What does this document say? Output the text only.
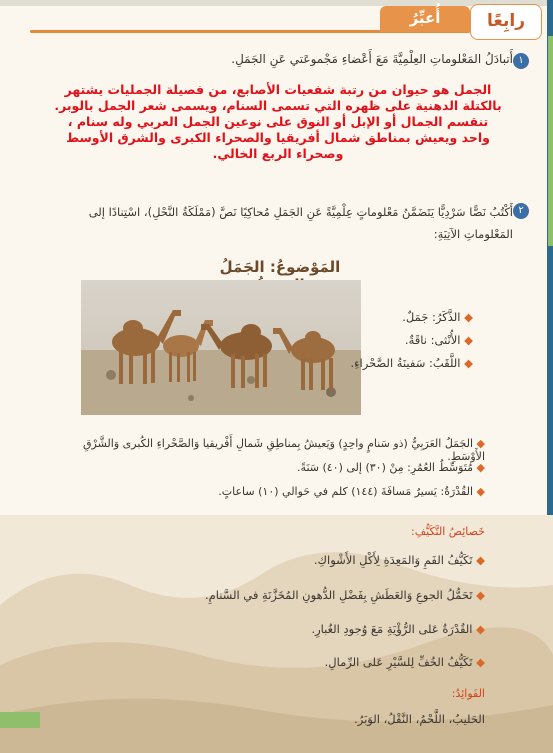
أُعبِّرُ	رابِعًا
١
أَتبادَلُ المَعْلوماتِ العِلْمِيَّةَ مَعَ أَعْضاءِ مَجْموعَتي عَنِ الجَمَلِ.
الجمل هو حيوان من رتبة شفعيات الأصابع، من فصيلة الجمليات يشتهر
بالكتلة الدهنية على ظهره التي تسمى السنام، ويسمى شعر الجمل بالوبر.
تنقسم الجمال أو الإبل أو النوق على نوعين الجمل العربي وله سنام ،
واحد ويعيش بمناطق شمال أفريقيا والصحراء الكبرى والشرق الأوسط
وصحراء الربع الخالي.
٢
أَكْتُبُ نَصًّا سَرْدِيًّا يَتَضَمَّنُ مَعْلوماتٍ عِلْمِيَّةً عَنِ الجَمَلِ مُحاكِيًا نَصَّ (مَمْلَكَةُ النَّحْلِ)، اسْتِنادًا إلى
المَعْلوماتِ الآتِيَةِ:
المَوْضوعُ: الجَمَلُ
◆ الذَّكَرُ: جَمَلٌ.
◆ الأُنْثى: ناقَةٌ.
◆ اللَّقَبُ: سَفينَةُ الصَّحْراءِ.
◆ الجَمَلُ العَرَبِيُّ (ذو سَنامٍ واحِدٍ) وَيَعيشُ بِمناطِقِ شَمالِ أَفْريقيا وَالصَّحْراءِ الكُبرى وَالشَّرْقِ الأَوْسَطِ.
◆ مُتَوَسِّطُ العُمُرِ: مِنْ (٣٠) إلى (٤٠) سَنَةً.
◆ القُدْرَةُ: يَسيرُ مَسافَةَ (١٤٤) كلم في حَوالي (١٠) ساعاتٍ.
خَصائِصُ التَّكَيُّفِ:
◆ تَكَيُّفُ الفَمِ وَالمَعِدَةِ لِأَكْلِ الأَشْواكِ.
◆ تَحَمُّلُ الجوعِ وَالعَطَشِ بِفَضْلِ الدُّهونِ المُخَزَّنَةِ في السَّنامِ.
◆ القُدْرَةُ عَلى الرُّؤْيَةِ مَعَ وُجودِ الغُبارِ.
◆ تَكَيُّفُ الخُفِّ لِلسَّيْرِ عَلى الرِّمالِ.
الفَوائِدُ:
الحَليبُ، اللَّحْمُ، النَّقْلُ، الوَبَرُ.
